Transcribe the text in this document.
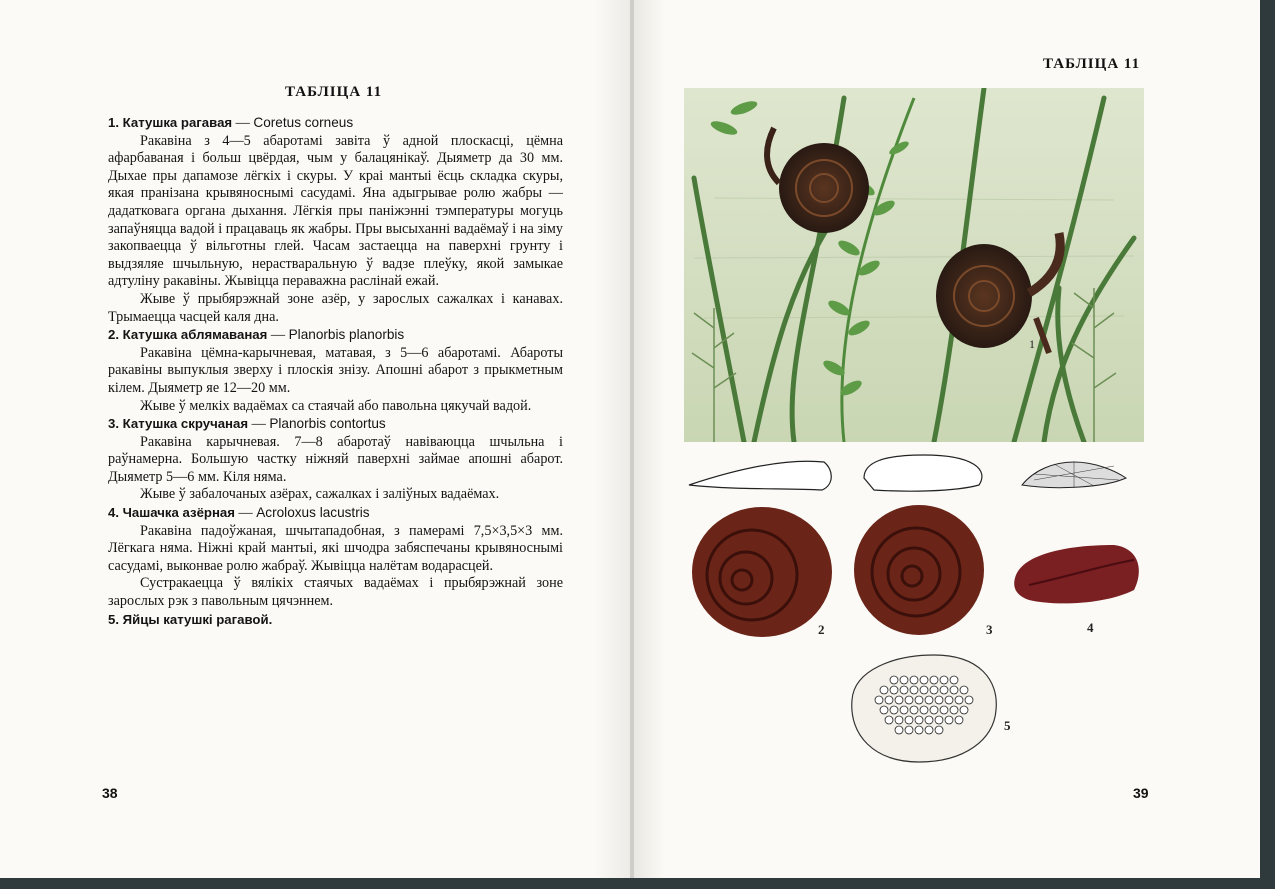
ТАБЛІЦА 11

1. Катушка рагавая — Coretus corneus

Ракавіна з 4—5 абаротамі завіта ў адной плоскасці, цёмна афарбаваная і больш цвёрдая, чым у балацянікаў. Дыяметр да 30 мм. Дыхае пры дапамозе лёгкіх і скуры. У краі мантыі ёсць складка скуры, якая пранізана крывяноснымі сасудамі. Яна адыгрывае ролю жабры — дадатковага органа дыхання. Лёгкія пры паніжэнні тэмпературы могуць запаўняцца вадой і працаваць як жабры. Пры высыханні вадаёмаў і на зіму закопваецца ў вільготны глей. Часам застаецца на паверхні грунту і выдзяляе шчыльную, нераствaральную ў вадзе плеўку, якой замыкае адтуліну ракавіны. Жывіцца пераважна раслінай ежай.

Жыве ў прыбярэжнай зоне азёр, у зарослых сажалках і канавах. Трымаецца часцей каля дна.

2. Катушка аблямаваная — Planorbis planorbis

Ракавіна цёмна-карычневая, матавая, з 5—6 абаротамі. Абароты ракавіны выпуклыя зверху і плоскія знізу. Апошні абарот з прыкметным кілем. Дыяметр яе 12—20 мм.

Жыве ў мелкіх вадаёмах са стаячай або павольна цякучай вадой.

3. Катушка скручаная — Planorbis contortus

Ракавіна карычневая. 7—8 абаротаў навіваюцца шчыльна і раўнамерна. Большую частку ніжняй паверхні займае апошні абарот. Дыяметр 5—6 мм. Кіля няма.

Жыве ў забалочаных азёрах, сажалках і заліўных вадаёмах.

4. Чашачка азёрная — Acroloxus lacustris

Ракавіна падоўжаная, шчытападобная, з памерамі 7,5×3,5×3 мм. Лёгкага няма. Ніжні край мантыі, які шчодра забяспечаны крывяноснымі сасудамі, выконвае ролю жабраў. Жывіцца налётам водарасцей.

Сустракаецца ў вялікіх стаячых вадаёмах і прыбярэжнай зоне зарослых рэк з павольным цячэннем.

5. Яйцы катушкі рагавой.

38
ТАБЛІЦА 11
1
2	3	4
5
39
